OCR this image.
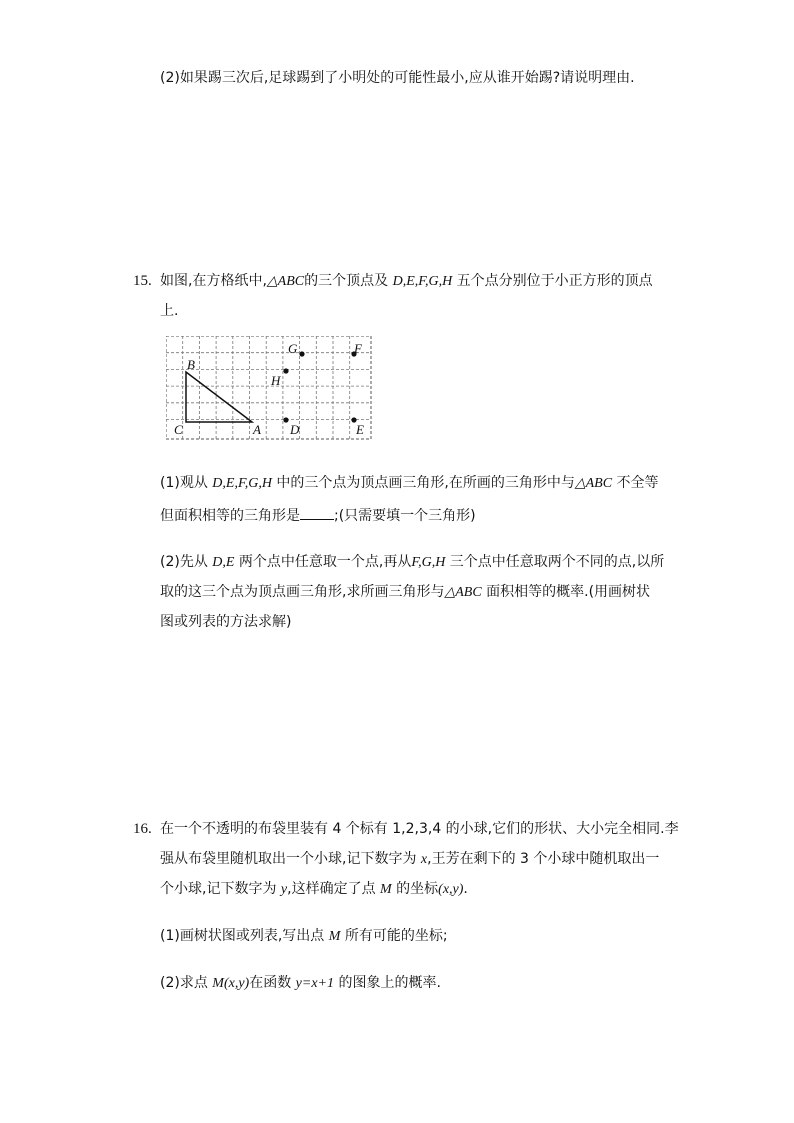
(2)如果踢三次后,足球踢到了小明处的可能性最小,应从谁开始踢?请说明理由.
15. 如图,在方格纸中,△ABC的三个顶点及 D,E,F,G,H 五个点分别位于小正方形的顶点
上.
B
C	A
H
G	F
D	E
(1)观从 D,E,F,G,H 中的三个点为顶点画三角形,在所画的三角形中与△ABC 不全等
但面积相等的三角形是 ;(只需要填一个三角形)
(2)先从 D,E 两个点中任意取一个点,再从F,G,H 三个点中任意取两个不同的点,以所
取的这三个点为顶点画三角形,求所画三角形与△ABC 面积相等的概率.(用画树状
图或列表的方法求解)
16. 在一个不透明的布袋里装有 4 个标有 1,2,3,4 的小球,它们的形状、大小完全相同.李
强从布袋里随机取出一个小球,记下数字为 x,王芳在剩下的 3 个小球中随机取出一
个小球,记下数字为 y,这样确定了点 M 的坐标(x,y).
(1)画树状图或列表,写出点 M 所有可能的坐标;
(2)求点 M(x,y)在函数 y=x+1 的图象上的概率.
